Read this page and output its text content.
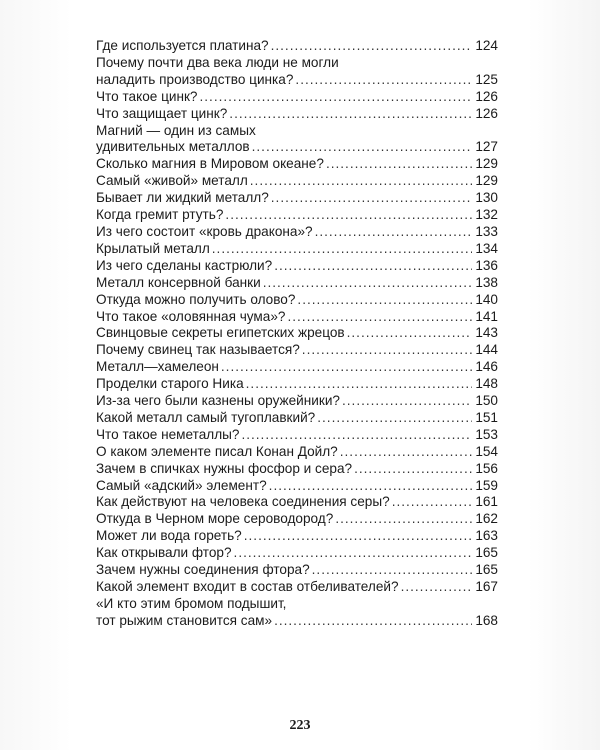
Где используется платина? .....	124
Почему почти два века люди не могли
наладить производство цинка? .....	125
Что такое цинк? .....	126
Что защищает цинк? .....	126
Магний — один из самых
удивительных металлов .....	127
Сколько магния в Мировом океане? .....	129
Самый «живой» металл .....	129
Бывает ли жидкий металл? .....	130
Когда гремит ртуть? .....	132
Из чего состоит «кровь дракона»? .....	133
Крылатый металл .....	134
Из чего сделаны кастрюли? .....	136
Металл консервной банки .....	138
Откуда можно получить олово? .....	140
Что такое «оловянная чума»? .....	141
Свинцовые секреты египетских жрецов .....	143
Почему свинец так называется? .....	144
Металл—хамелеон .....	146
Проделки старого Ника .....	148
Из-за чего были казнены оружейники? .....	150
Какой металл самый тугоплавкий? .....	151
Что такое неметаллы? .....	153
О каком элементе писал Конан Дойл? .....	154
Зачем в спичках нужны фосфор и сера? .....	156
Самый «адский» элемент? .....	159
Как действуют на человека соединения серы? .....	161
Откуда в Черном море сероводород? .....	162
Может ли вода гореть? .....	163
Как открывали фтор? .....	165
Зачем нужны соединения фтора? .....	165
Какой элемент входит в состав отбеливателей? .....	167
«И кто этим бромом подышит,
тот рыжим становится сам» .....	168
223
